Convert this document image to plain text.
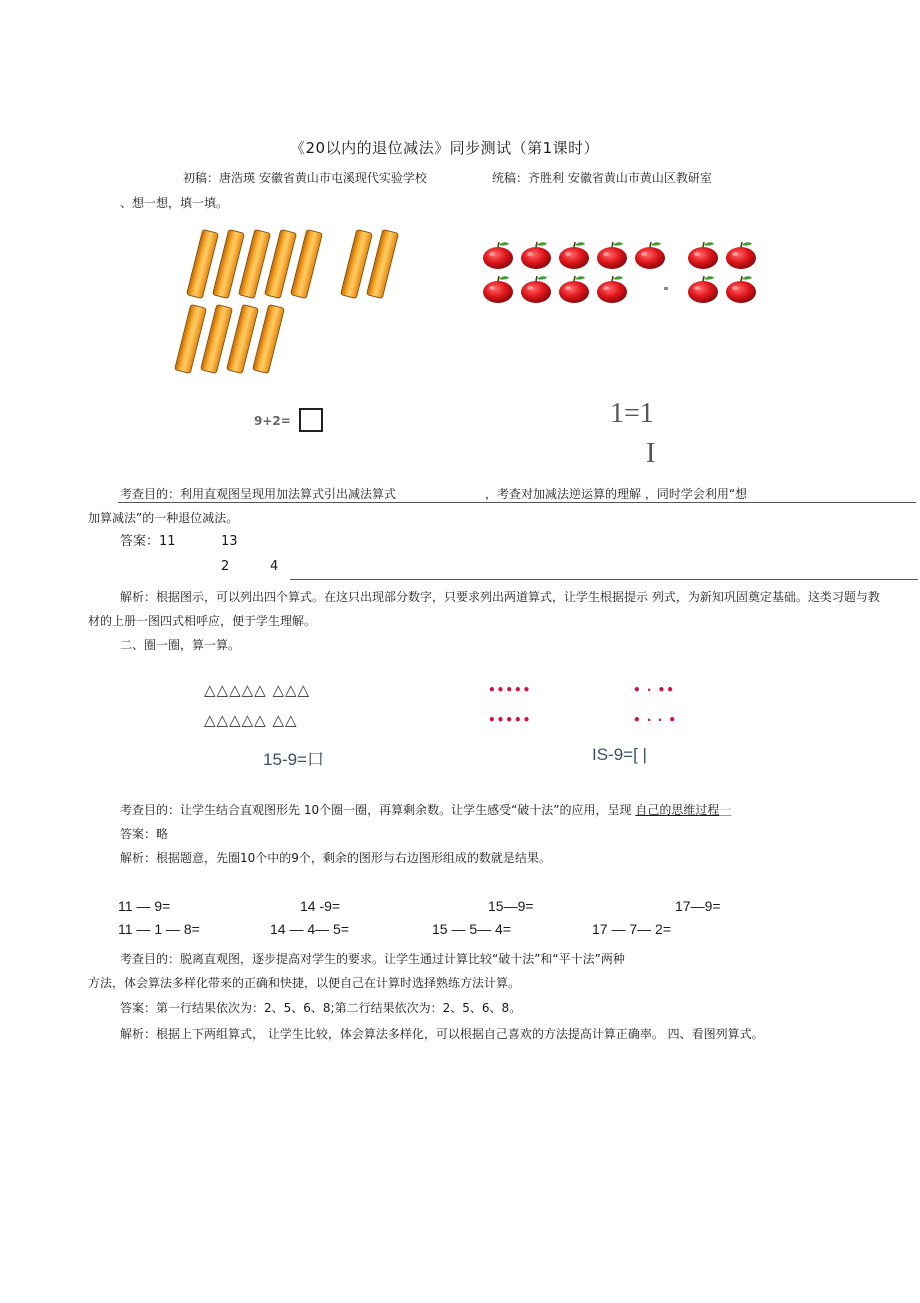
《20以内的退位减法》同步测试（第1课时）
初稿：唐浩瑛 安徽省黄山市屯溪现代实验学校	统稿：齐胜利 安徽省黄山市黄山区教研室
、想一想，填一填。
9+2=	1=1
I
考查目的：利用直观图呈现用加法算式引出减法算式	，考查对加减法逆运算的理解 ，同时学会利用“想
加算减法”的一种退位减法。
答案：11	13
2	4
解析：根据图示，可以列出四个算式。在这只出现部分数字，只要求列出两道算式，让学生根据提示 列式，为新知巩固奠定基础。这类习题与教
材的上册一图四式相呼应，便于学生理解。
二、圈一圈，算一算。
△△△△△ △△△
△△△△△ △△
•••••
•••••
• · ••
• · · •
15-9=口	IS-9=[ |
考查目的：让学生结合直观图形先 10个圈一圈，再算剩余数。让学生感受“破十法”的应用，呈现 自己的思维过程一
答案：略
解析：根据题意，先圈10个中的9个，剩余的图形与右边图形组成的数就是结果。
11 — 9=	14 -9=	15—9=	17—9=
11 — 1 — 8=	14 — 4— 5=	15 — 5— 4=	17 — 7— 2=
考查目的：脱离直观图，逐步提高对学生的要求。让学生通过计算比较“破十法”和“平十法”两种
方法，体会算法多样化带来的正确和快捷，以便自己在计算时选择熟练方法计算。
答案：第一行结果依次为：2、5、6、8;第二行结果依次为：2、5、6、8。
解析：根据上下两组算式， 让学生比较，体会算法多样化，可以根据自己喜欢的方法提高计算正确率。 四、看图列算式。
